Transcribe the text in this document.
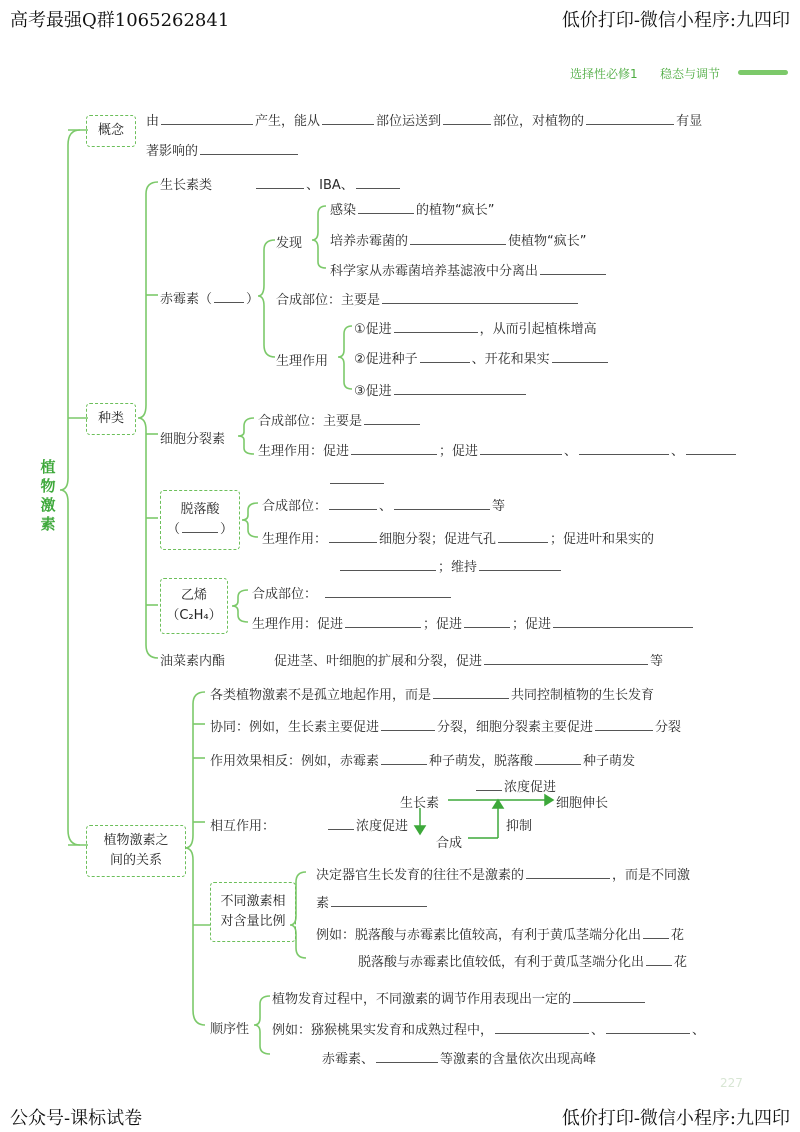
高考最强Q群1065262841	低价打印-微信小程序:九四印
公众号-课标试卷	低价打印-微信小程序:九四印
选择性必修1 稳态与调节
植物激素
概念
由	产生，能从	部位运送到	部位，对植物的	有显
著影响的
种类
生长素类	、IBA、
赤霉素（	）
发现
感染	的植物“疯长”
培养赤霉菌的	使植物“疯长”
科学家从赤霉菌培养基滤液中分离出
合成部位：主要是
生理作用
①促进	，从而引起植株增高
②促进种子	、开花和果实
③促进
细胞分裂素
合成部位：主要是
生理作用：促进	；促进	、	、
脱落酸
（	）
合成部位：	、	等
生理作用：	细胞分裂；促进气孔	；促进叶和果实的
；维持
乙烯
（C₂H₄）
合成部位：
生理作用：促进	；促进	；促进
油菜素内酯	促进茎、叶细胞的扩展和分裂，促进	等
植物激素之
间的关系
各类植物激素不是孤立地起作用，而是	共同控制植物的生长发育
协同：例如，生长素主要促进	分裂，细胞分裂素主要促进	分裂
作用效果相反：例如，赤霉素	种子萌发，脱落酸	种子萌发
相互作用：
生长素
浓度促进
细胞伸长
浓度促进
合成
抑制
不同激素相
对含量比例
决定器官生长发育的往往不是激素的	，而是不同激
素
例如：脱落酸与赤霉素比值较高，有利于黄瓜茎端分化出 花
脱落酸与赤霉素比值较低，有利于黄瓜茎端分化出 花
顺序性
植物发育过程中，不同激素的调节作用表现出一定的
例如：猕猴桃果实发育和成熟过程中，	、	、
赤霉素、	等激素的含量依次出现高峰
227
